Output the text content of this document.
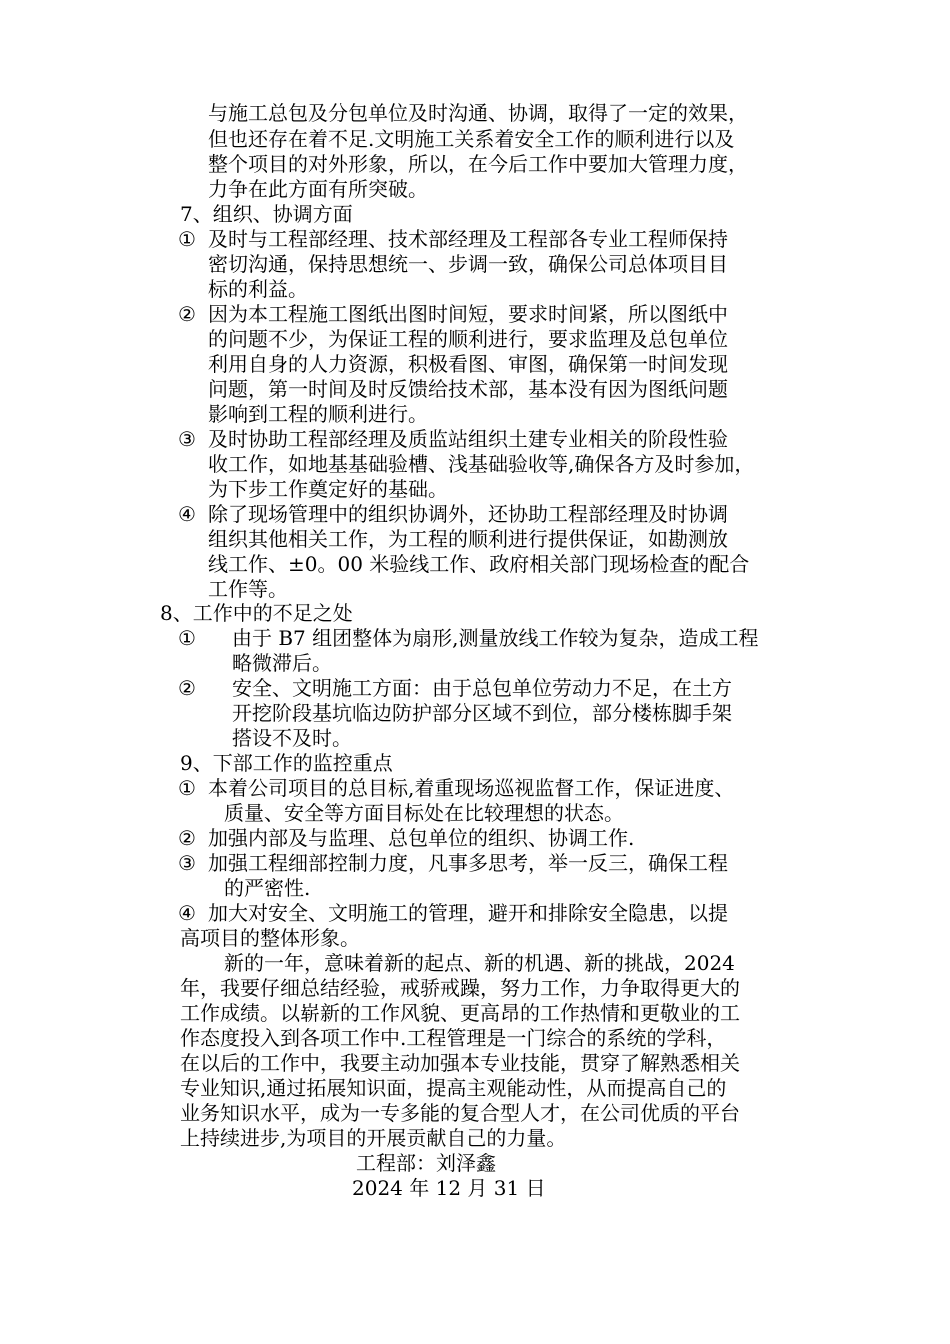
与施工总包及分包单位及时沟通、协调，取得了一定的效果，
但也还存在着不足.文明施工关系着安全工作的顺利进行以及
整个项目的对外形象，所以，在今后工作中要加大管理力度，
力争在此方面有所突破。
7、组织、协调方面
① 及时与工程部经理、技术部经理及工程部各专业工程师保持
密切沟通，保持思想统一、步调一致，确保公司总体项目目
标的利益。
② 因为本工程施工图纸出图时间短，要求时间紧，所以图纸中
的问题不少，为保证工程的顺利进行，要求监理及总包单位
利用自身的人力资源，积极看图、审图，确保第一时间发现
问题，第一时间及时反馈给技术部，基本没有因为图纸问题
影响到工程的顺利进行。
③ 及时协助工程部经理及质监站组织土建专业相关的阶段性验
收工作，如地基基础验槽、浅基础验收等,确保各方及时参加，
为下步工作奠定好的基础。
④ 除了现场管理中的组织协调外，还协助工程部经理及时协调
组织其他相关工作，为工程的顺利进行提供保证，如勘测放
线工作、±0。00 米验线工作、政府相关部门现场检查的配合
工作等。
8、工作中的不足之处
① 由于 B7 组团整体为扇形,测量放线工作较为复杂，造成工程
略微滞后。
② 安全、文明施工方面：由于总包单位劳动力不足，在土方
开挖阶段基坑临边防护部分区域不到位，部分楼栋脚手架
搭设不及时。
9、下部工作的监控重点
① 本着公司项目的总目标,着重现场巡视监督工作，保证进度、
质量、安全等方面目标处在比较理想的状态。
② 加强内部及与监理、总包单位的组织、协调工作.
③ 加强工程细部控制力度，凡事多思考，举一反三，确保工程
的严密性.
④ 加大对安全、文明施工的管理，避开和排除安全隐患，以提
高项目的整体形象。
新的一年，意味着新的起点、新的机遇、新的挑战，2024
年，我要仔细总结经验，戒骄戒躁，努力工作，力争取得更大的
工作成绩。以崭新的工作风貌、更高昂的工作热情和更敬业的工
作态度投入到各项工作中.工程管理是一门综合的系统的学科，
在以后的工作中，我要主动加强本专业技能，贯穿了解熟悉相关
专业知识,通过拓展知识面，提高主观能动性，从而提高自己的
业务知识水平，成为一专多能的复合型人才，在公司优质的平台
上持续进步,为项目的开展贡献自己的力量。
工程部：刘泽鑫
2024 年 12 月 31 日
